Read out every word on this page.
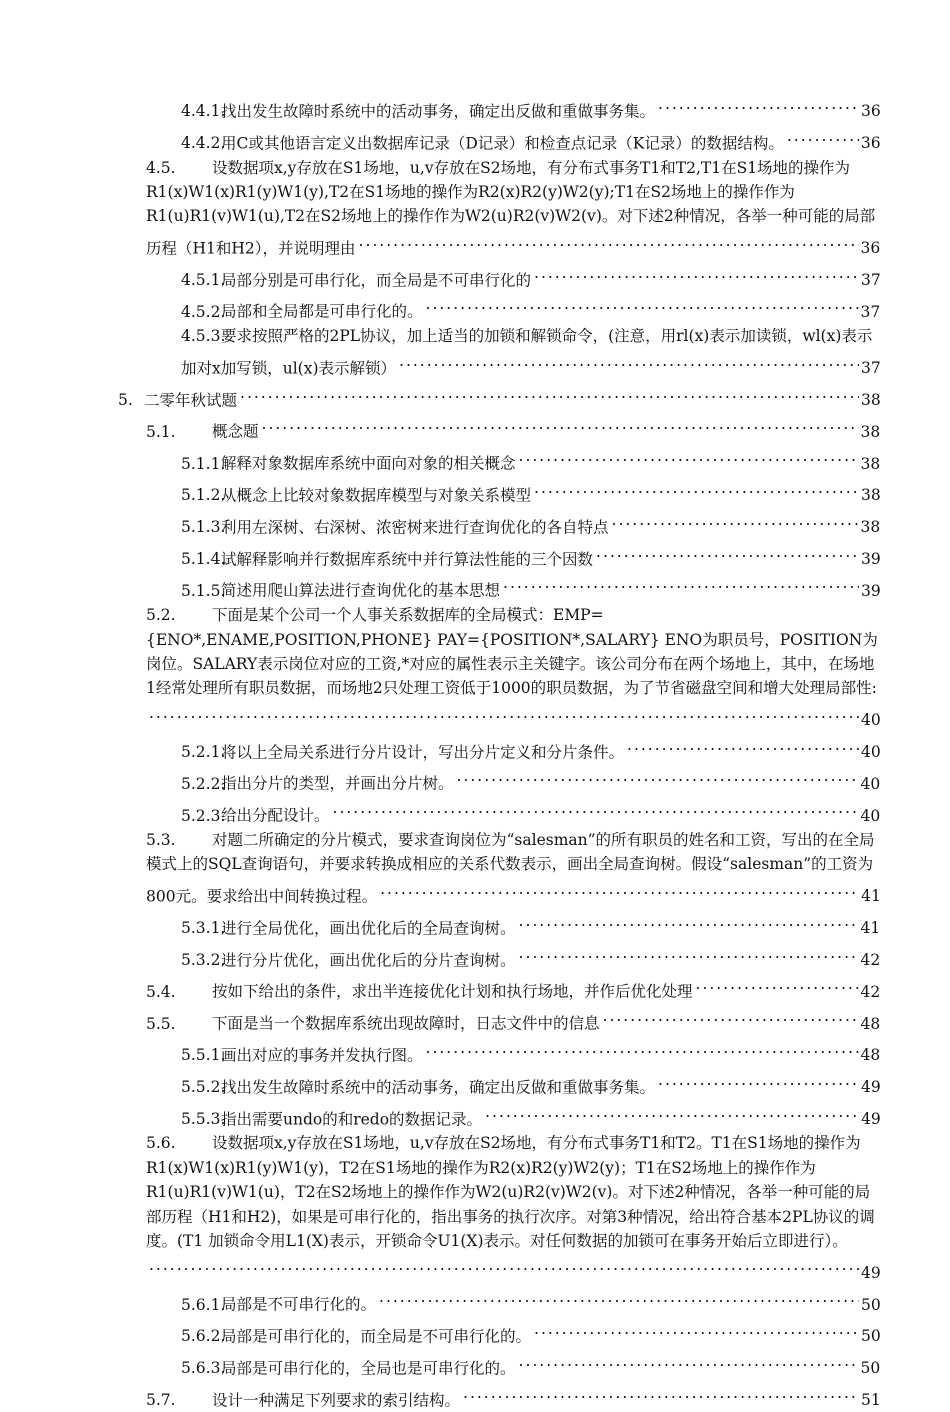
4.4.1.找出发生故障时系统中的活动事务，确定出反做和重做事务集。.....	36
4.4.2.用C或其他语言定义出数据库记录（D记录）和检查点记录（K记录）的数据结构。.....	36
4.5. 设数据项x,y存放在S1场地，u,v存放在S2场地，有分布式事务T1和T2,T1在S1场地的操作为R1(x)W1(x)R1(y)W1(y),T2在S1场地的操作为R2(x)R2(y)W2(y);T1在S2场地上的操作作为R1(u)R1(v)W1(u),T2在S2场地上的操作作为W2(u)R2(v)W2(v)。对下述2种情况，各举一种可能的局部历程（H1和H2），并说明理由.....	36
4.5.1.局部分别是可串行化，而全局是不可串行化的.....	37
4.5.2.局部和全局都是可串行化的。.....	37
4.5.3.要求按照严格的2PL协议，加上适当的加锁和解锁命令，(注意，用rl(x)表示加读锁，wl(x)表示加对x加写锁，ul(x)表示解锁）.....	37
5. 二零年秋试题.....	38
5.1. 概念题.....	38
5.1.1.解释对象数据库系统中面向对象的相关概念.....	38
5.1.2.从概念上比较对象数据库模型与对象关系模型.....	38
5.1.3.利用左深树、右深树、浓密树来进行查询优化的各自特点.....	38
5.1.4.试解释影响并行数据库系统中并行算法性能的三个因数.....	39
5.1.5.简述用爬山算法进行查询优化的基本思想.....	39
5.2. 下面是某个公司一个人事关系数据库的全局模式：EMP={ENO*,ENAME,POSITION,PHONE} PAY={POSITION*,SALARY} ENO为职员号，POSITION为岗位。SALARY表示岗位对应的工资,*对应的属性表示主关键字。该公司分布在两个场地上，其中，在场地1经常处理所有职员数据，而场地2只处理工资低于1000的职员数据，为了节省磁盘空间和增大处理局部性:.....40
5.2.1.将以上全局关系进行分片设计，写出分片定义和分片条件。.....	40
5.2.2.指出分片的类型，并画出分片树。.....	40
5.2.3.给出分配设计。.....	40
5.3. 对题二所确定的分片模式，要求查询岗位为“salesman”的所有职员的姓名和工资，写出的在全局模式上的SQL查询语句，并要求转换成相应的关系代数表示，画出全局查询树。假设“salesman”的工资为800元。要求给出中间转换过程。.....	41
5.3.1.进行全局优化，画出优化后的全局查询树。.....	41
5.3.2.进行分片优化，画出优化后的分片查询树。.....	42
5.4. 按如下给出的条件，求出半连接优化计划和执行场地，并作后优化处理.....	42
5.5. 下面是当一个数据库系统出现故障时，日志文件中的信息.....	48
5.5.1.画出对应的事务并发执行图。.....	48
5.5.2.找出发生故障时系统中的活动事务，确定出反做和重做事务集。.....	49
5.5.3.指出需要undo的和redo的数据记录。.....	49
5.6. 设数据项x,y存放在S1场地，u,v存放在S2场地，有分布式事务T1和T2。T1在S1场地的操作为R1(x)W1(x)R1(y)W1(y)，T2在S1场地的操作为R2(x)R2(y)W2(y)；T1在S2场地上的操作作为R1(u)R1(v)W1(u)，T2在S2场地上的操作作为W2(u)R2(v)W2(v)。对下述2种情况，各举一种可能的局部历程（H1和H2)，如果是可串行化的，指出事务的执行次序。对第3种情况，给出符合基本2PL协议的调度。(T1 加锁命令用L1(X)表示，开锁命令U1(X)表示。对任何数据的加锁可在事务开始后立即进行）。.....49
5.6.1.局部是不可串行化的。.....	50
5.6.2.局部是可串行化的，而全局是不可串行化的。.....	50
5.6.3.局部是可串行化的，全局也是可串行化的。.....	50
5.7. 设计一种满足下列要求的索引结构。.....	51
